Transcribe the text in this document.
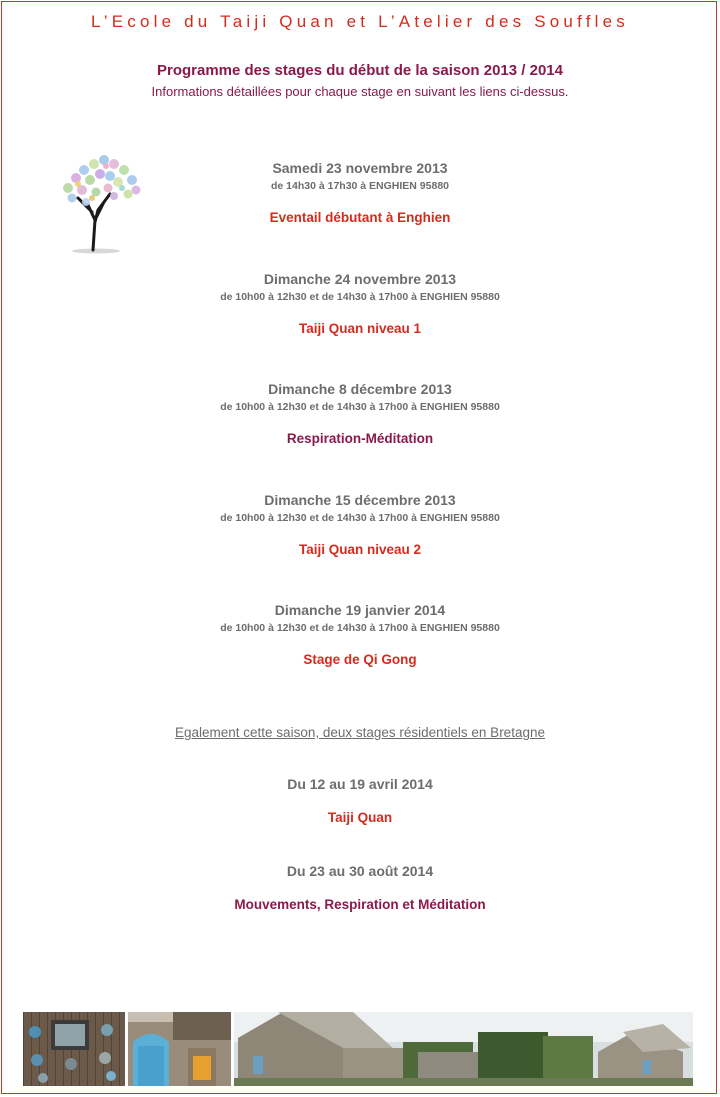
L’Ecole du Taiji Quan et L’Atelier des Souffles
Programme des stages du début de la saison 2013 / 2014
Informations détaillées pour chaque stage en suivant les liens ci-dessus.
Samedi 23 novembre 2013
de 14h30 à 17h30 à ENGHIEN 95880
Eventail débutant à Enghien
Dimanche 24 novembre 2013
de 10h00 à 12h30 et de 14h30 à 17h00 à ENGHIEN 95880
Taiji Quan niveau 1
Dimanche 8 décembre 2013
de 10h00 à 12h30 et de 14h30 à 17h00 à ENGHIEN 95880
Respiration-Méditation
Dimanche 15 décembre 2013
de 10h00 à 12h30 et de 14h30 à 17h00 à ENGHIEN 95880
Taiji Quan niveau 2
Dimanche 19 janvier 2014
de 10h00 à 12h30 et de 14h30 à 17h00 à ENGHIEN 95880
Stage de Qi Gong
Egalement cette saison, deux stages résidentiels en Bretagne
Du 12 au 19 avril 2014
Taiji Quan
Du 23 au 30 août 2014
Mouvements, Respiration et Méditation
